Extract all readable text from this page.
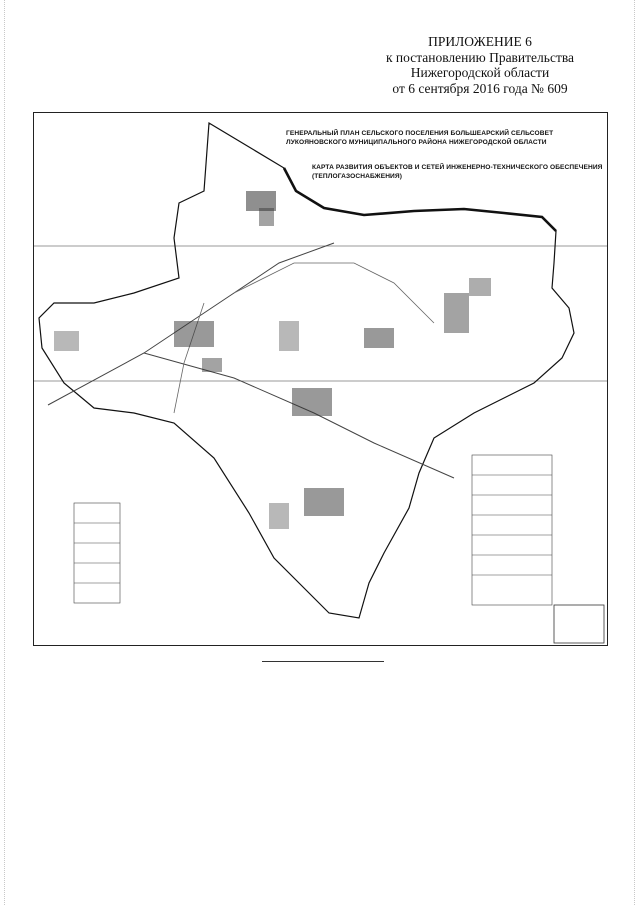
ПРИЛОЖЕНИЕ 6
к постановлению Правительства
Нижегородской области
от 6 сентября 2016 года № 609
ГЕНЕРАЛЬНЫЙ ПЛАН СЕЛЬСКОГО ПОСЕЛЕНИЯ БОЛЬШЕАРСКИЙ СЕЛЬСОВЕТ
ЛУКОЯНОВСКОГО МУНИЦИПАЛЬНОГО РАЙОНА НИЖЕГОРОДСКОЙ ОБЛАСТИ
КАРТА РАЗВИТИЯ ОБЪЕКТОВ И СЕТЕЙ ИНЖЕНЕРНО-ТЕХНИЧЕСКОГО ОБЕСПЕЧЕНИЯ
(ТЕПЛОГАЗОСНАБЖЕНИЯ)
